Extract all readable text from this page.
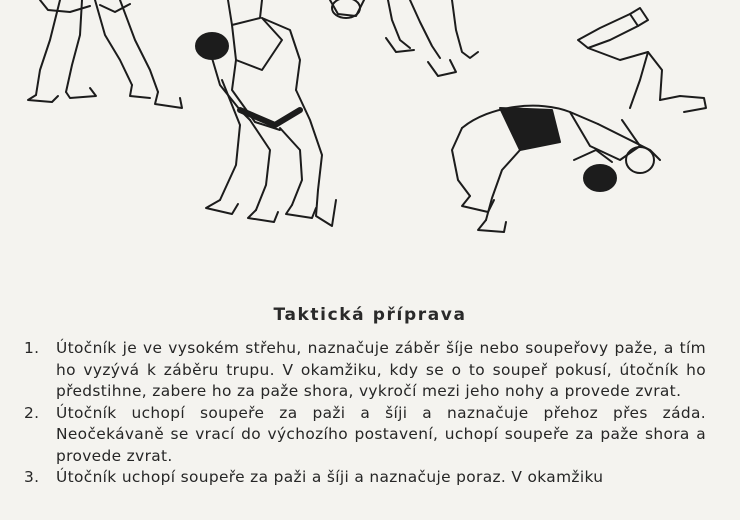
Taktická příprava
1. Útočník je ve vysokém střehu, naznačuje záběr šíje nebo soupeřovy paže, a tím ho vyzývá k záběru trupu. V okamžiku, kdy se o to soupeř pokusí, útočník ho předstihne, zabere ho za paže shora, vykročí mezi jeho nohy a provede zvrat.
2. Útočník uchopí soupeře za paži a šíji a naznačuje přehoz přes záda. Neočekávaně se vrací do výchozího postavení, uchopí soupeře za paže shora a provede zvrat.
3. Útočník uchopí soupeře za paži a šíji a naznačuje poraz. V okamžiku
